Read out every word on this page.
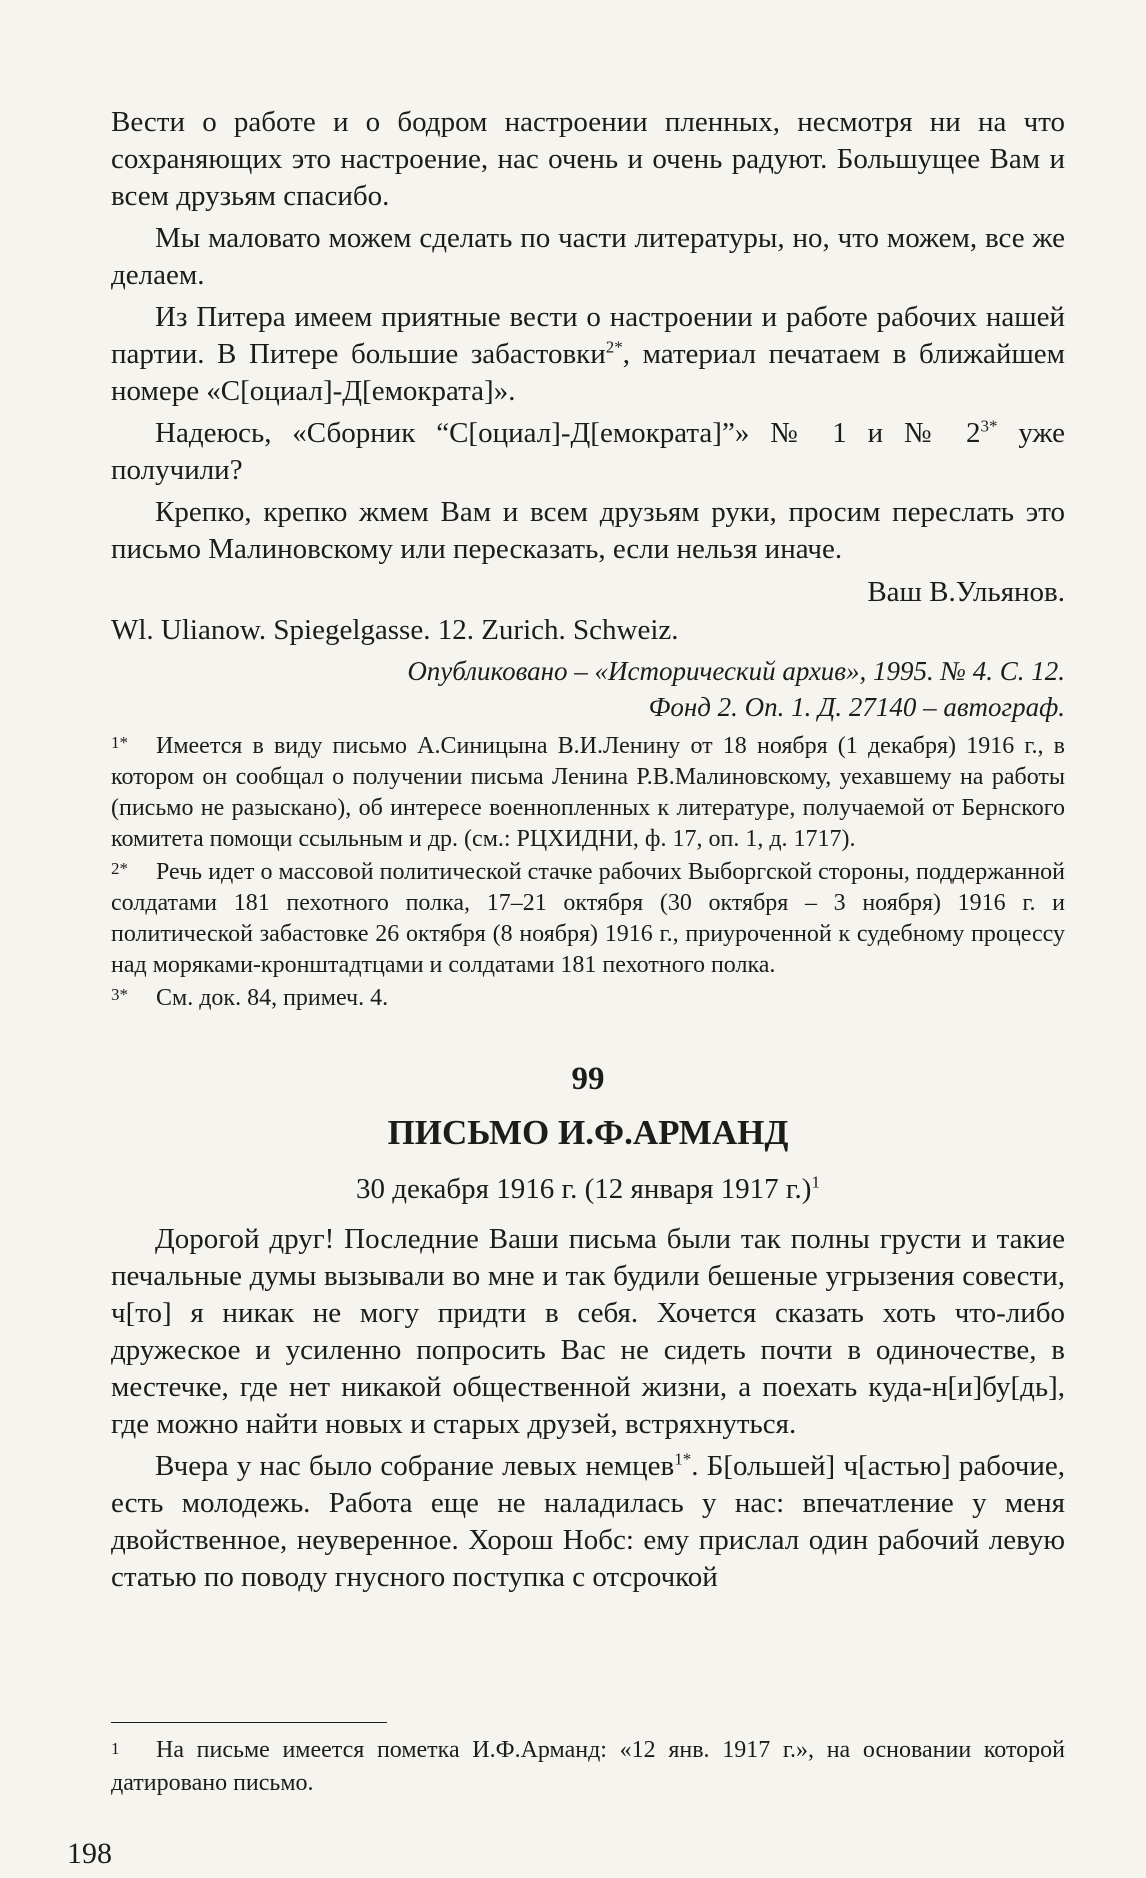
Вести о работе и о бодром настроении пленных, несмотря ни на что сохраняющих это настроение, нас очень и очень радуют. Большущее Вам и всем друзьям спасибо.

Мы маловато можем сделать по части литературы, но, что можем, все же делаем.

Из Питера имеем приятные вести о настроении и работе рабочих нашей партии. В Питере большие забастовки$^{2*}$, материал печатаем в ближайшем номере «С[оциал]-Д[емократа]».

Надеюсь, «Сборник “С[оциал]-Д[емократа]”» № 1 и № $2^{3*}$ уже получили?

Крепко, крепко жмем Вам и всем друзьям руки, просим переслать это письмо Малиновскому или пересказать, если нельзя иначе.

Ваш В.Ульянов.

Wl. Ulianow. Spiegelgasse. 12. Zurich. Schweiz.

Опубликовано – «Исторический архив», 1995. № 4. С. 12.

Фонд 2. Оп. 1. Д. 27140 – автограф.

1* Имеется в виду письмо А.Синицына В.И.Ленину от 18 ноября (1 декабря) 1916 г., в котором он сообщал о получении письма Ленина Р.В.Малиновскому, уехавшему на работы (письмо не разыскано), об интересе военнопленных к литературе, получаемой от Бернского комитета помощи ссыльным и др. (см.: РЦХИДНИ, ф. 17, оп. 1, д. 1717).

2* Речь идет о массовой политической стачке рабочих Выборгской стороны, поддержанной солдатами 181 пехотного полка, 17–21 октября (30 октября – 3 ноября) 1916 г. и политической забастовке 26 октября (8 ноября) 1916 г., приуроченной к судебному процессу над моряками-кронштадтцами и солдатами 181 пехотного полка.

3* См. док. 84, примеч. 4.

99
ПИСЬМО И.Ф.АРМАНД
30 декабря 1916 г. (12 января 1917 г.)$^1$

Дорогой друг! Последние Ваши письма были так полны грусти и такие печальные думы вызывали во мне и так будили бешеные угрызения совести, ч[то] я никак не могу придти в себя. Хочется сказать хоть что-либо дружеское и усиленно попросить Вас не сидеть почти в одиночестве, в местечке, где нет никакой общественной жизни, а поехать куда-н[и]бу[дь], где можно найти новых и старых друзей, встряхнуться.

Вчера у нас было собрание левых немцев$^{1*}$. Б[ольшей] ч[астью] рабочие, есть молодежь. Работа еще не наладилась у нас: впечатление у меня двойственное, неуверенное. Хорош Нобс: ему прислал один рабочий левую статью по поводу гнусного поступка с отсрочкой

1 На письме имеется пометка И.Ф.Арманд: «12 янв. 1917 г.», на основании которой датировано письмо.

198
